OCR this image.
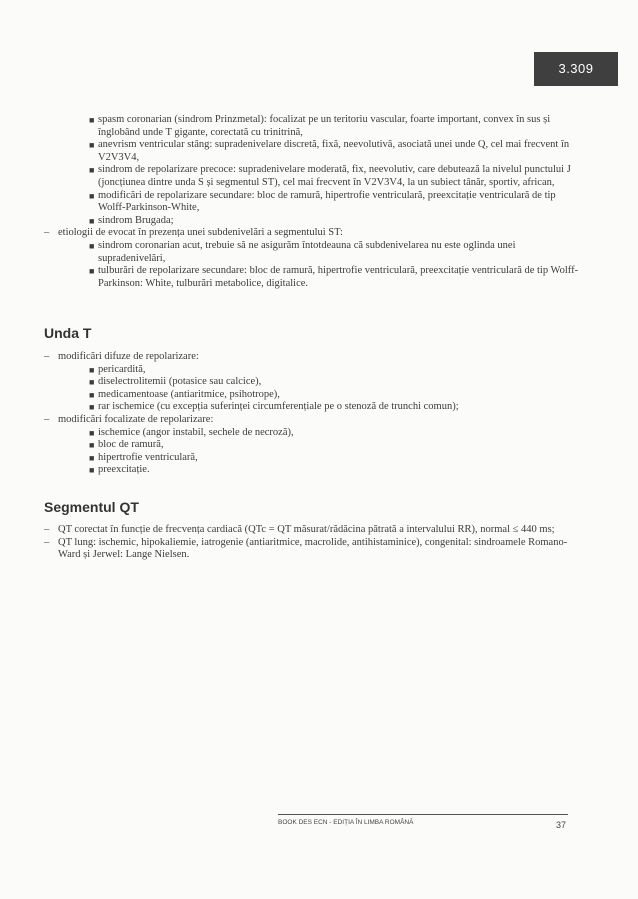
3.309
■ spasm coronarian (sindrom Prinzmetal): focalizat pe un teritoriu vascular, foarte important, convex în sus și înglobând unde T gigante, corectată cu trinitrină,
■ anevrism ventricular stâng: supradenivelare discretă, fixă, neevolutivă, asociată unei unde Q, cel mai frecvent în V2V3V4,
■ sindrom de repolarizare precoce: supradenivelare moderată, fix, neevolutiv, care debutează la nivelul punctului J (joncțiunea dintre unda S și segmentul ST), cel mai frecvent în V2V3V4, la un subiect tânăr, sportiv, african,
■ modificări de repolarizare secundare: bloc de ramură, hipertrofie ventriculară, preexcitație ventriculară de tip Wolff-Parkinson-White,
■ sindrom Brugada;
– etiologii de evocat în prezența unei subdenivelări a segmentului ST:
■ sindrom coronarian acut, trebuie să ne asigurăm întotdeauna că subdenivelarea nu este oglinda unei supradenivelări,
■ tulburări de repolarizare secundare: bloc de ramură, hipertrofie ventriculară, preexcitație ventriculară de tip Wolff-Parkinson: White, tulburări metabolice, digitalice.
Unda T
– modificări difuze de repolarizare:
■ pericardită,
■ diselectrolitemii (potasice sau calcice),
■ medicamentoase (antiaritmice, psihotrope),
■ rar ischemice (cu excepția suferinței circumferențiale pe o stenoză de trunchi comun);
– modificări focalizate de repolarizare:
■ ischemice (angor instabil, sechele de necroză),
■ bloc de ramură,
■ hipertrofie ventriculară,
■ preexcitație.
Segmentul QT
– QT corectat în funcție de frecvența cardiacă (QTc = QT măsurat/rădăcina pătrată a intervalului RR), normal ≤ 440 ms;
– QT lung: ischemic, hipokaliemie, iatrogenie (antiaritmice, macrolide, antihistaminice), congenital: sindroamele Romano-Ward și Jerwel: Lange Nielsen.
BOOK DES ECN - EDIȚIA ÎN LIMBA ROMÂNĂ	37
